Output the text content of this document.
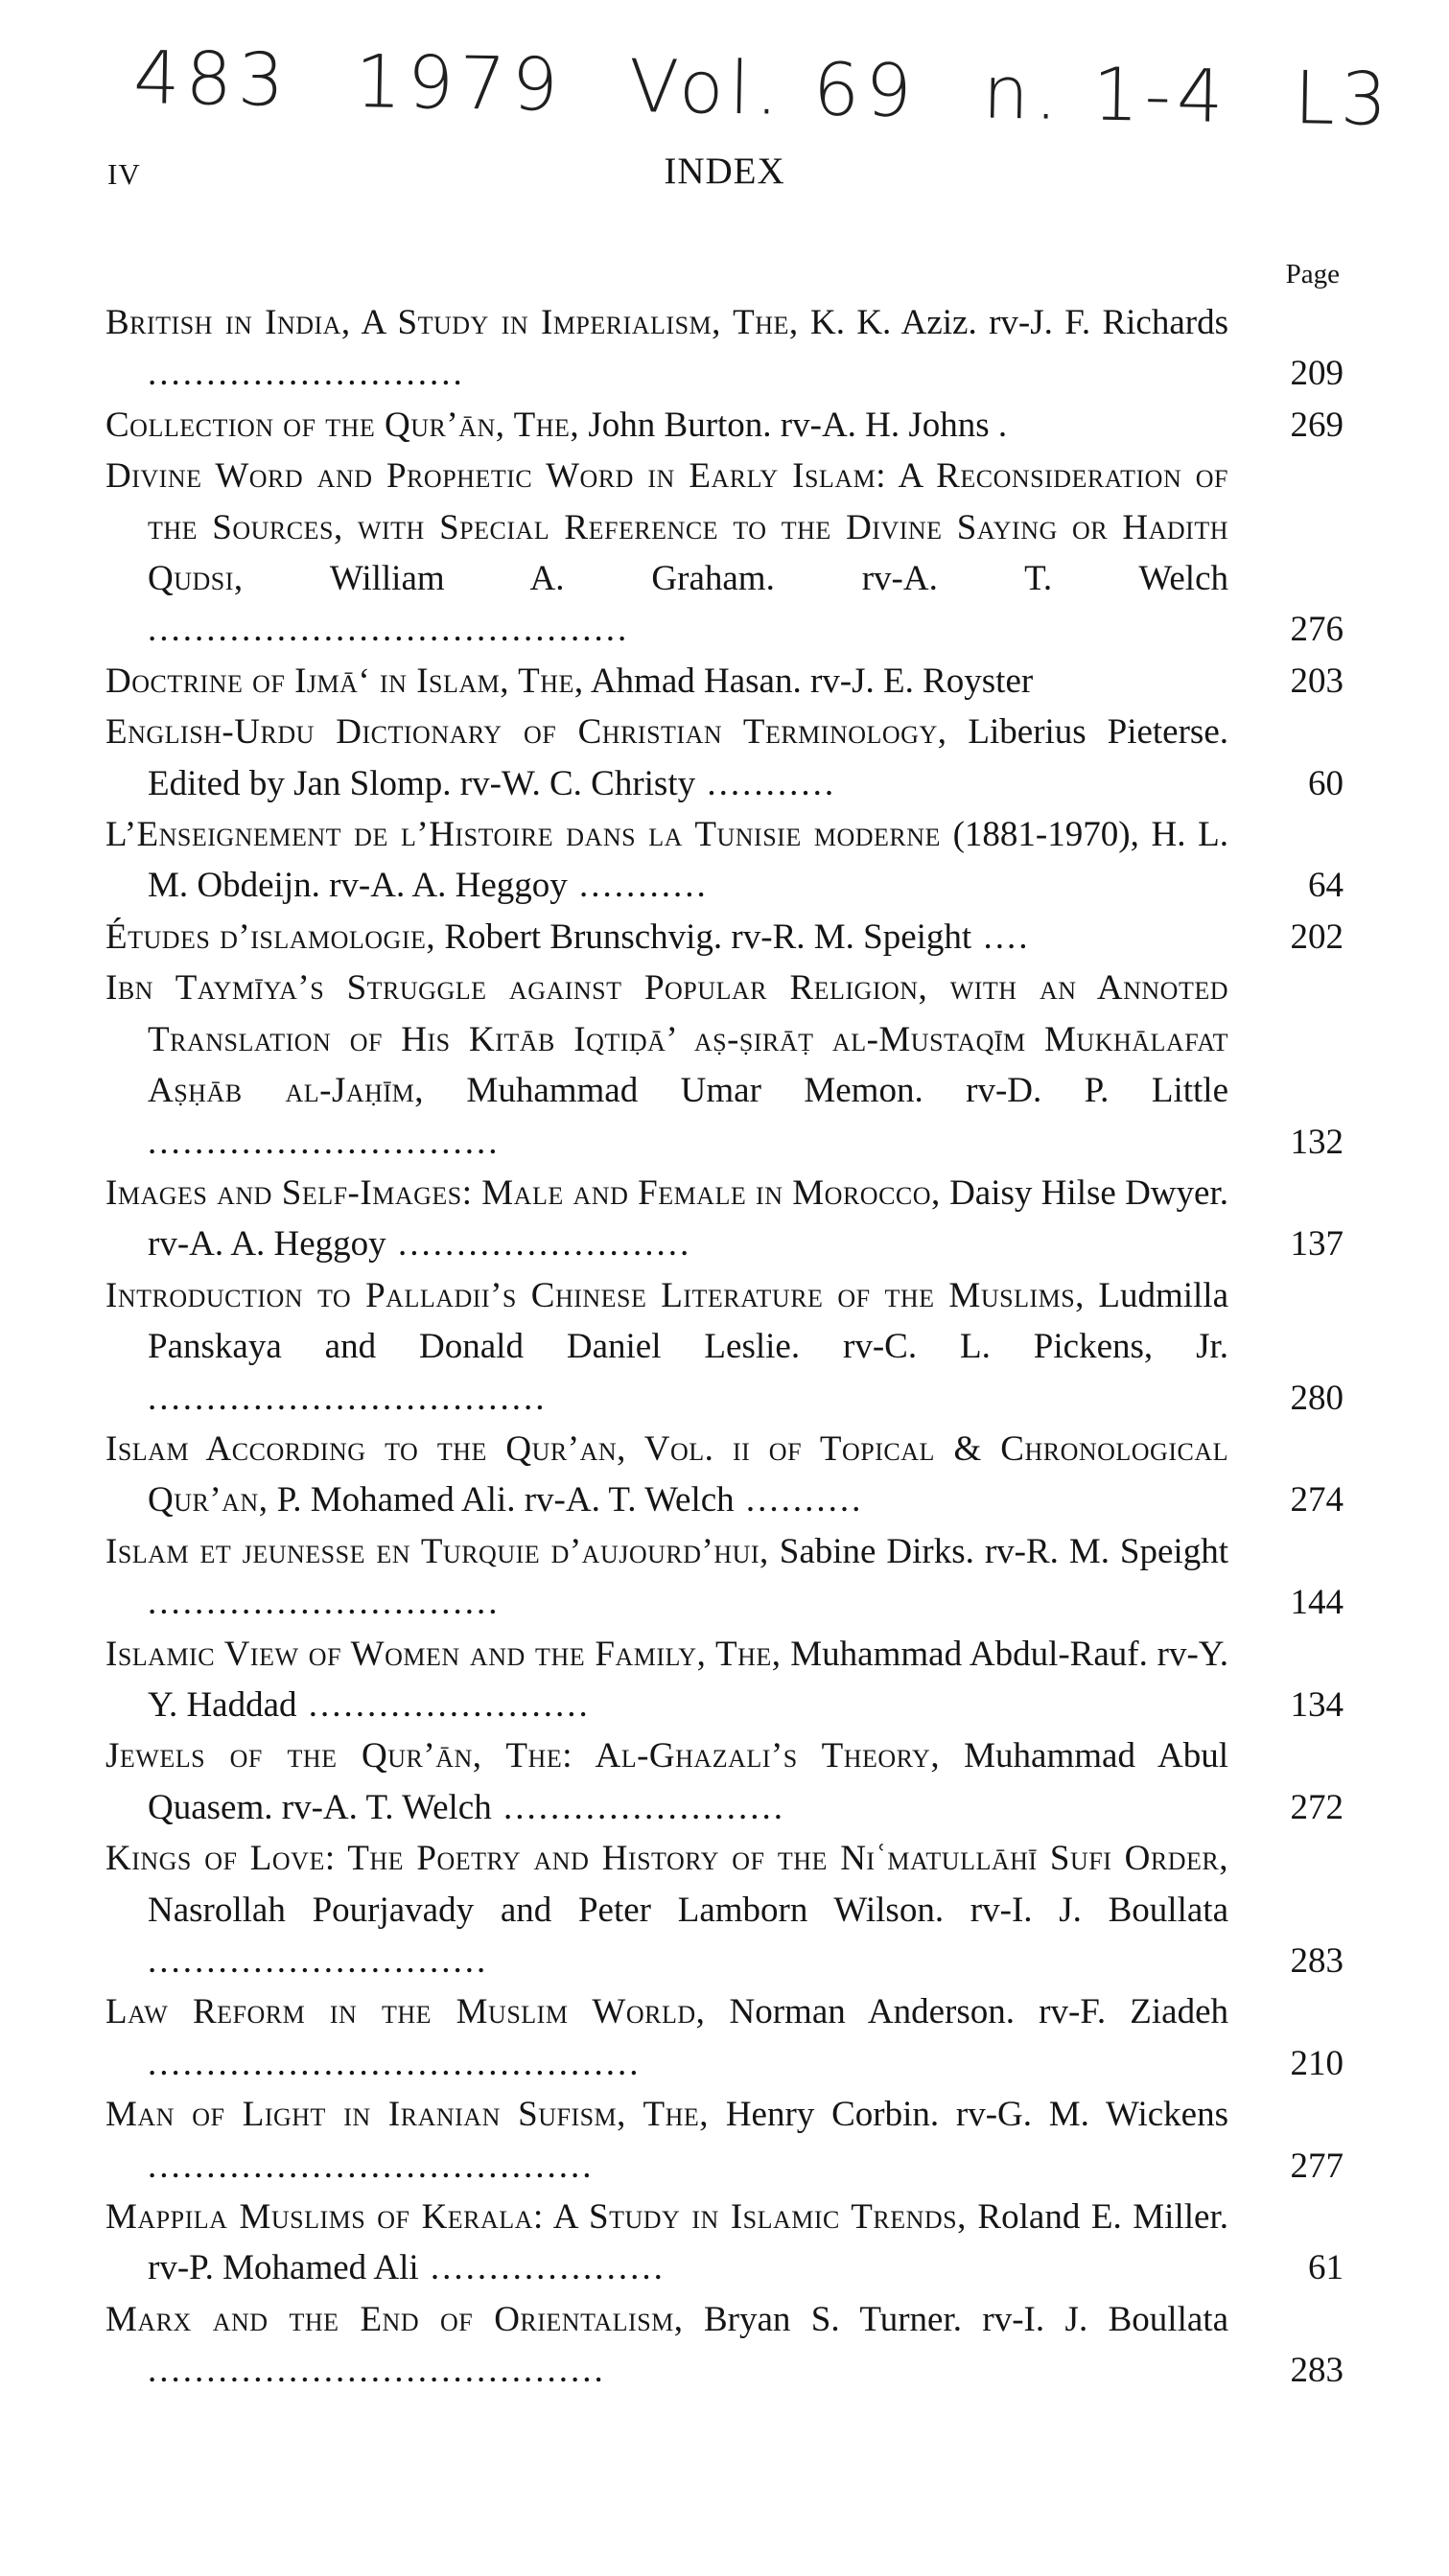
483 1979 Vol. 69 n. 1-4 L3
IV	INDEX
Page
British in India, A Study in Imperialism, The, K. K. Aziz. rv-J. F. Richards ...........................	209
Collection of the Qur’ān, The, John Burton. rv-A. H. Johns .	269
Divine Word and Prophetic Word in Early Islam: A Reconsideration of the Sources, with Special Reference to the Divine Saying or Hadith Qudsi, William A. Graham. rv-A. T. Welch .........................................	276
Doctrine of Ijmā‘ in Islam, The, Ahmad Hasan. rv-J. E. Royster	203
English-Urdu Dictionary of Christian Terminology, Liberius Pieterse. Edited by Jan Slomp. rv-W. C. Christy ...........	60
L’Enseignement de l’Histoire dans la Tunisie moderne (1881-1970), H. L. M. Obdeijn. rv-A. A. Heggoy ...........	64
Études d’islamologie, Robert Brunschvig. rv-R. M. Speight ....	202
Ibn Taymīya’s Struggle against Popular Religion, with an Annoted Translation of His Kitāb Iqtiḍā’ aṣ-ṣirāṭ al-Mustaqīm Mukhālafat Aṣḥāb al-Jaḥīm, Muhammad Umar Memon. rv-D. P. Little ..............................	132
Images and Self-Images: Male and Female in Morocco, Daisy Hilse Dwyer. rv-A. A. Heggoy .........................	137
Introduction to Palladii’s Chinese Literature of the Muslims, Ludmilla Panskaya and Donald Daniel Leslie. rv-C. L. Pickens, Jr. ..................................	280
Islam According to the Qur’an, Vol. ii of Topical & Chronological Qur’an, P. Mohamed Ali. rv-A. T. Welch ..........	274
Islam et jeunesse en Turquie d’aujourd’hui, Sabine Dirks. rv-R. M. Speight ..............................	144
Islamic View of Women and the Family, The, Muhammad Abdul-Rauf. rv-Y. Y. Haddad ........................	134
Jewels of the Qur’ān, The: Al-Ghazali’s Theory, Muhammad Abul Quasem. rv-A. T. Welch ........................	272
Kings of Love: The Poetry and History of the Niʿmatullāhī Sufi Order, Nasrollah Pourjavady and Peter Lamborn Wilson. rv-I. J. Boullata .............................	283
Law Reform in the Muslim World, Norman Anderson. rv-F. Ziadeh ..........................................	210
Man of Light in Iranian Sufism, The, Henry Corbin. rv-G. M. Wickens ......................................	277
Mappila Muslims of Kerala: A Study in Islamic Trends, Roland E. Miller. rv-P. Mohamed Ali ....................	61
Marx and the End of Orientalism, Bryan S. Turner. rv-I. J. Boullata .......................................	283
